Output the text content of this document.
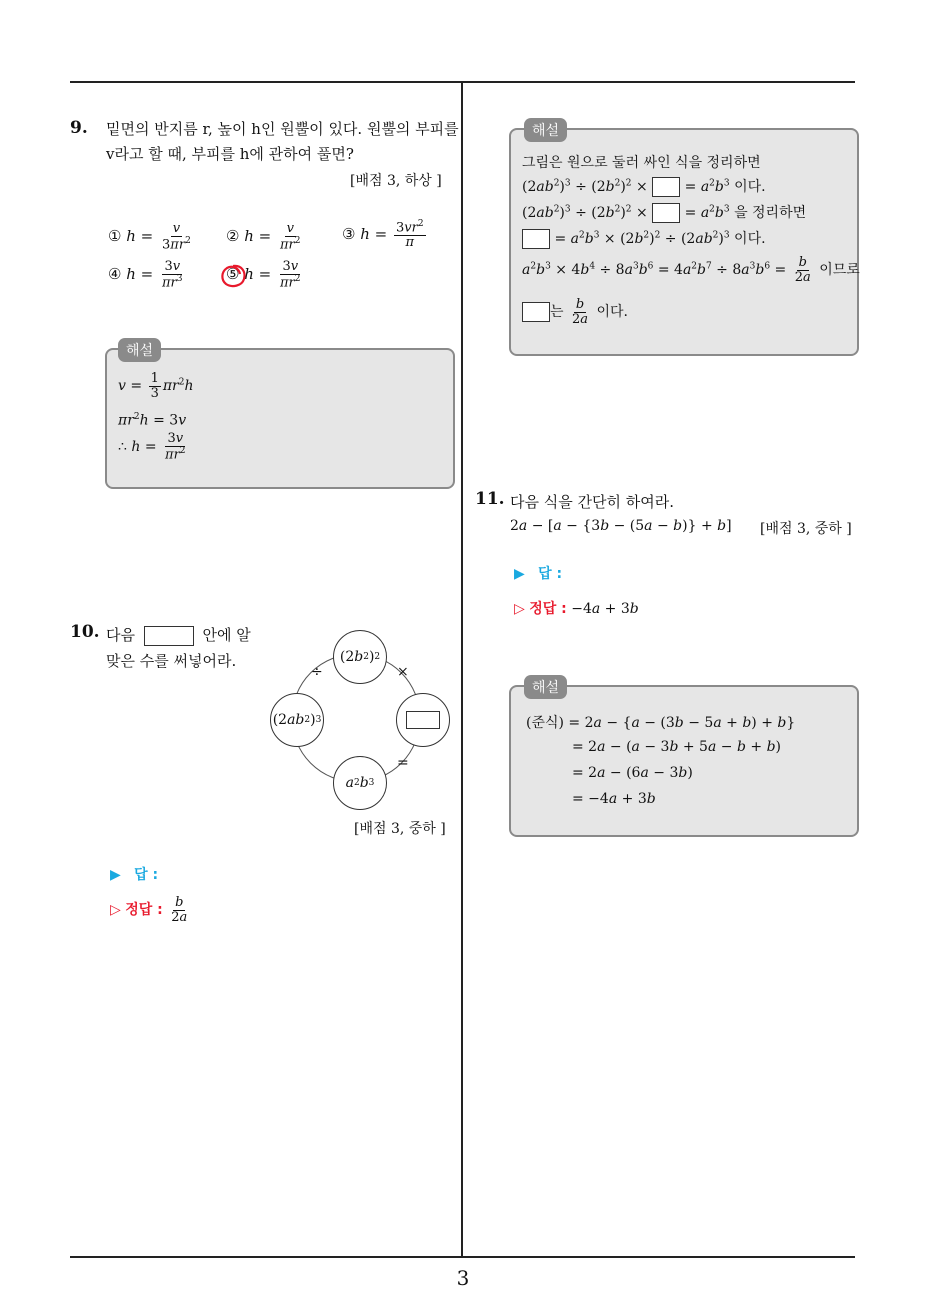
3
9. 밑면의 반지름 r, 높이 h인 원뿔이 있다. 원뿔의 부피를
v라고 할 때, 부피를 h에 관하여 풀면?
[배점 3, 하상 ]
① $h = \frac{v}{3\pi r^2}$ ② $h = \frac{v}{\pi r^2}$	③ $h = \frac{3vr^2}{\pi}$
④ $h = \frac{3v}{\pi r^3}$	⑤ $h = \frac{3v}{\pi r^2}$
해설
$v = \frac{1}{3} \pi r^2h$
$\pi r^2h = 3v$
∴ $h = \frac{3v}{\pi r^2}$
10. 다음	안에 알
맞은 수를 써넣어라.	(2 b 2 ) 2
(2 ab 2 ) 3
a 2 b 3
÷	×
=
[배점 3, 중하 ]
▶ 답 :
▷ 정답 : $\frac{b}{2a}$
해설
그림은 원으로 둘러 싸인 식을 정리하면
$(2ab^2)^3 \div (2b^2)^2$ ×  = $a^2b^3$ 이다.
$(2ab^2)^3 \div (2b^2)^2$ ×  = $a^2b^3$ 을 정리하면
= $a^2b^3 \times (2b^2)^2 \div (2ab^2)^3$ 이다.
$a^2b^3 \times 4b^4 \div 8a^3b^6 = 4a^2b^7 \div 8a^3b^6 = \frac{b}{2a}$ 이므로
는 $\frac{b}{2a}$ 이다.
11. 다음 식을 간단히 하여라.
2a − [a − {3b − (5a − b)} + b] [배점 3, 중하 ]
▶ 답 :
▷ 정답 : −4a + 3b
해설
(준식) = 2a − {a − (3b − 5a + b) + b}
= 2a − (a − 3b + 5a − b + b)
= 2a − (6a − 3b)
= −4a + 3b
